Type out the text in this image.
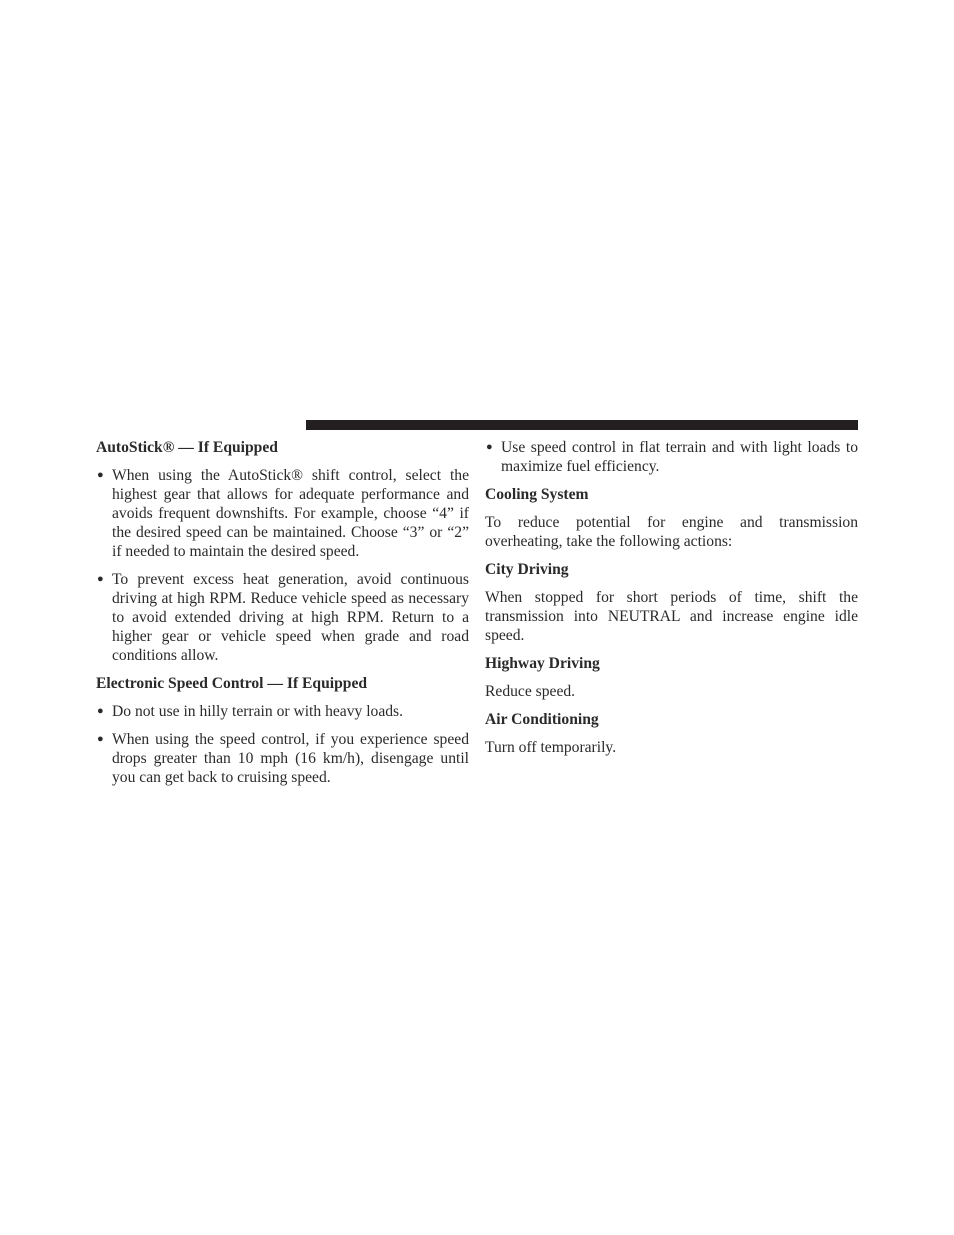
AutoStick® — If Equipped
● When using the AutoStick® shift control, select the highest gear that allows for adequate performance and avoids frequent downshifts. For example, choose “4” if the desired speed can be maintained. Choose “3” or “2” if needed to maintain the desired speed.
● To prevent excess heat generation, avoid continuous driving at high RPM. Reduce vehicle speed as necessary to avoid extended driving at high RPM. Return to a higher gear or vehicle speed when grade and road conditions allow.
Electronic Speed Control — If Equipped
● Do not use in hilly terrain or with heavy loads.
● When using the speed control, if you experience speed drops greater than 10 mph (16 km/h), disengage until you can get back to cruising speed.
● Use speed control in flat terrain and with light loads to maximize fuel efficiency.
Cooling System
To reduce potential for engine and transmission overheating, take the following actions:
City Driving
When stopped for short periods of time, shift the transmission into NEUTRAL and increase engine idle speed.
Highway Driving
Reduce speed.
Air Conditioning
Turn off temporarily.
